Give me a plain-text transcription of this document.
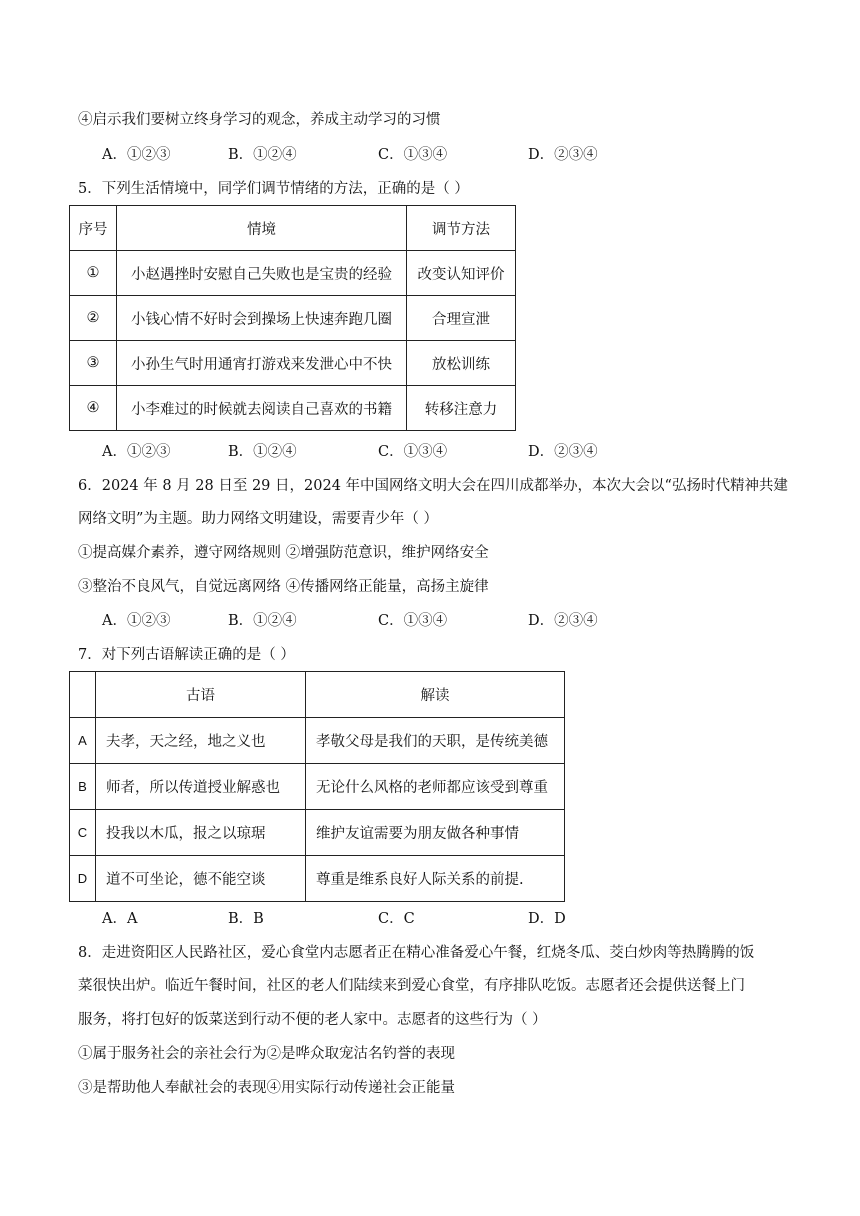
④启示我们要树立终身学习的观念，养成主动学习的习惯
A．①②③	B．①②④	C．①③④	D．②③④
5．下列生活情境中，同学们调节情绪的方法，正确的是（ ）
序号	情境	调节方法
①	小赵遇挫时安慰自己失败也是宝贵的经验	改变认知评价
②	小钱心情不好时会到操场上快速奔跑几圈	合理宣泄
③	小孙生气时用通宵打游戏来发泄心中不快	放松训练
④	小李难过的时候就去阅读自己喜欢的书籍	转移注意力
A．①②③	B．①②④	C．①③④	D．②③④
6．2024 年 8 月 28 日至 29 日，2024 年中国网络文明大会在四川成都举办，本次大会以“弘扬时代精神共建
网络文明”为主题。助力网络文明建设，需要青少年（ ）
①提高媒介素养，遵守网络规则 ②增强防范意识，维护网络安全
③整治不良风气，自觉远离网络 ④传播网络正能量，高扬主旋律
A．①②③	B．①②④	C．①③④	D．②③④
7．对下列古语解读正确的是（ ）
	古语	解读
A	夫孝，天之经，地之义也	孝敬父母是我们的天职，是传统美德
B	师者，所以传道授业解惑也	无论什么风格的老师都应该受到尊重
C	投我以木瓜，报之以琼琚	维护友谊需要为朋友做各种事情
D	道不可坐论，德不能空谈	尊重是维系良好人际关系的前提.
A．A	B．B	C．C	D．D
8．走进资阳区人民路社区，爱心食堂内志愿者正在精心准备爱心午餐，红烧冬瓜、茭白炒肉等热腾腾的饭
菜很快出炉。临近午餐时间，社区的老人们陆续来到爱心食堂，有序排队吃饭。志愿者还会提供送餐上门
服务，将打包好的饭菜送到行动不便的老人家中。志愿者的这些行为（ ）
①属于服务社会的亲社会行为②是哗众取宠沽名钓誉的表现
③是帮助他人奉献社会的表现④用实际行动传递社会正能量
